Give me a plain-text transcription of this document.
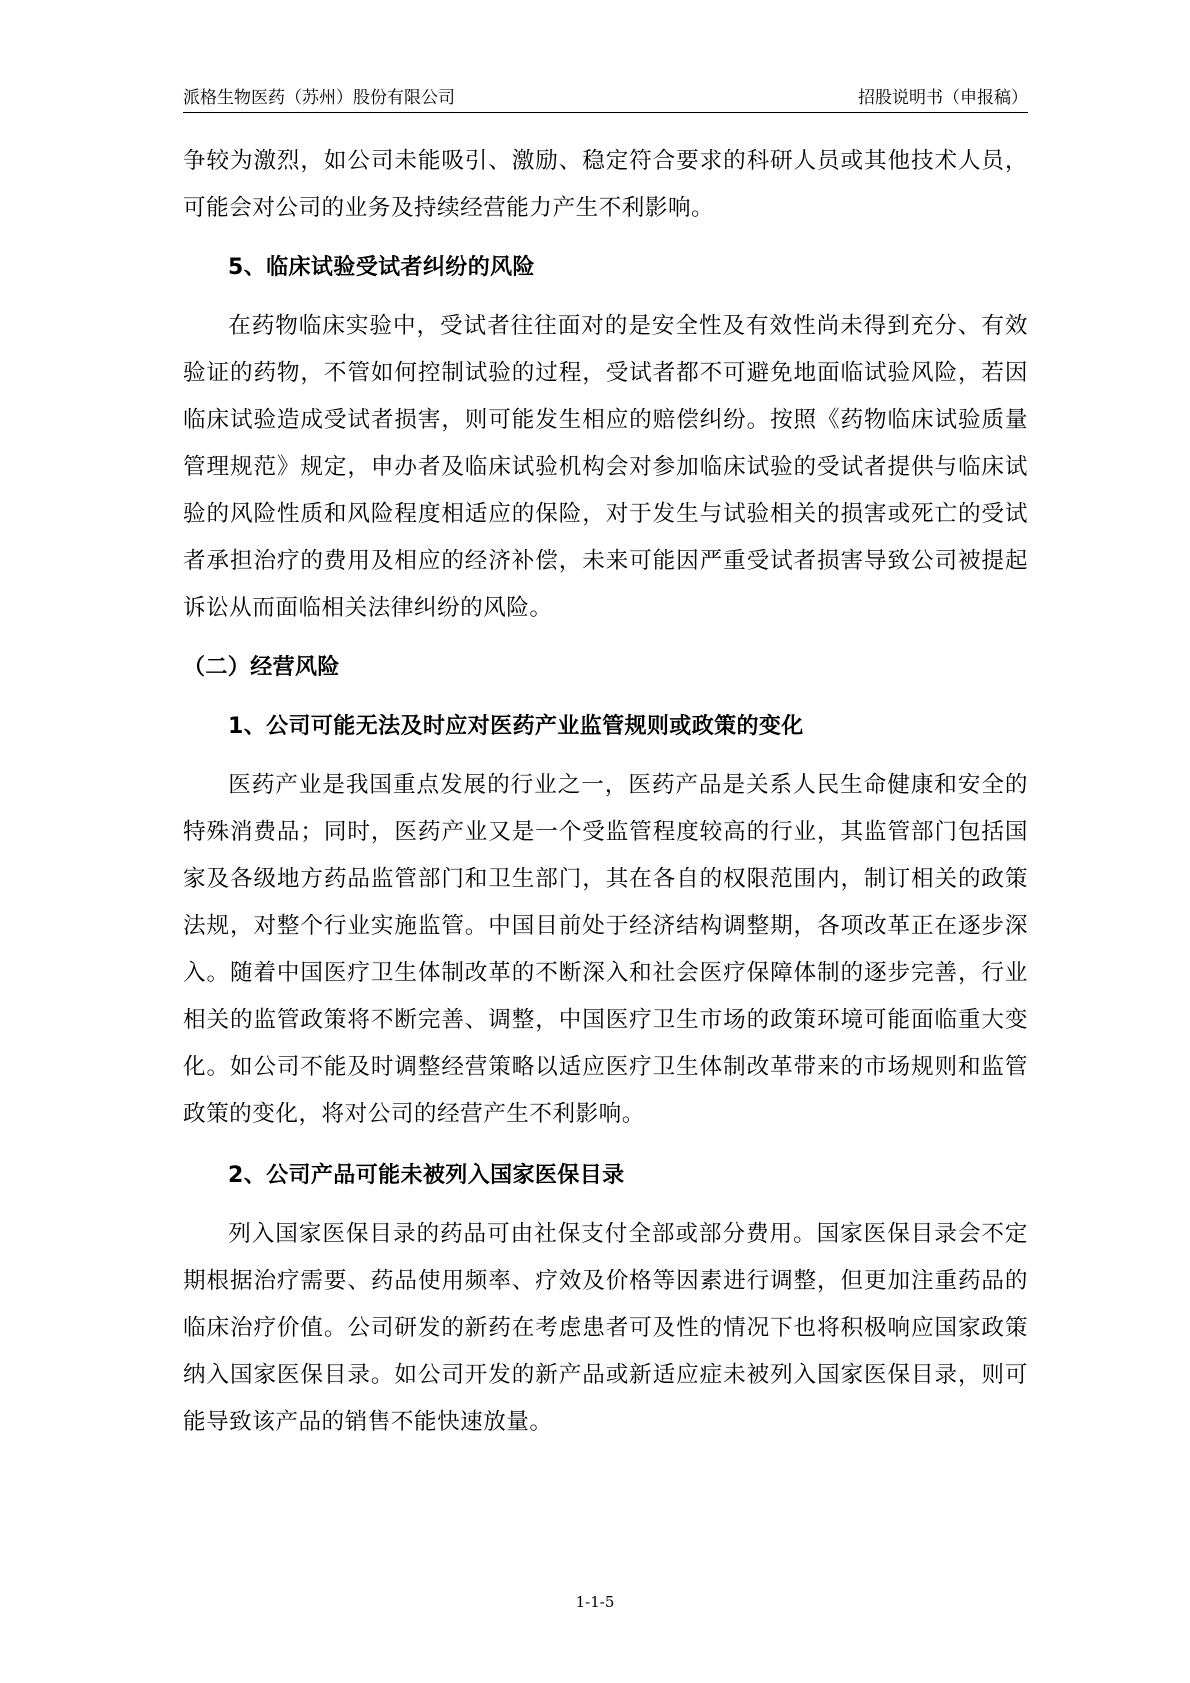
派格生物医药（苏州）股份有限公司	招股说明书（申报稿）

争较为激烈，如公司未能吸引、激励、稳定符合要求的科研人员或其他技术人员，可能会对公司的业务及持续经营能力产生不利影响。

5、临床试验受试者纠纷的风险

在药物临床实验中，受试者往往面对的是安全性及有效性尚未得到充分、有效验证的药物，不管如何控制试验的过程，受试者都不可避免地面临试验风险，若因临床试验造成受试者损害，则可能发生相应的赔偿纠纷。按照《药物临床试验质量管理规范》规定，申办者及临床试验机构会对参加临床试验的受试者提供与临床试验的风险性质和风险程度相适应的保险，对于发生与试验相关的损害或死亡的受试者承担治疗的费用及相应的经济补偿，未来可能因严重受试者损害导致公司被提起诉讼从而面临相关法律纠纷的风险。

（二）经营风险

1、公司可能无法及时应对医药产业监管规则或政策的变化

医药产业是我国重点发展的行业之一，医药产品是关系人民生命健康和安全的特殊消费品；同时，医药产业又是一个受监管程度较高的行业，其监管部门包括国家及各级地方药品监管部门和卫生部门，其在各自的权限范围内，制订相关的政策法规，对整个行业实施监管。中国目前处于经济结构调整期，各项改革正在逐步深入。随着中国医疗卫生体制改革的不断深入和社会医疗保障体制的逐步完善，行业相关的监管政策将不断完善、调整，中国医疗卫生市场的政策环境可能面临重大变化。如公司不能及时调整经营策略以适应医疗卫生体制改革带来的市场规则和监管政策的变化，将对公司的经营产生不利影响。

2、公司产品可能未被列入国家医保目录

列入国家医保目录的药品可由社保支付全部或部分费用。国家医保目录会不定期根据治疗需要、药品使用频率、疗效及价格等因素进行调整，但更加注重药品的临床治疗价值。公司研发的新药在考虑患者可及性的情况下也将积极响应国家政策纳入国家医保目录。如公司开发的新产品或新适应症未被列入国家医保目录，则可能导致该产品的销售不能快速放量。

1-1-5
